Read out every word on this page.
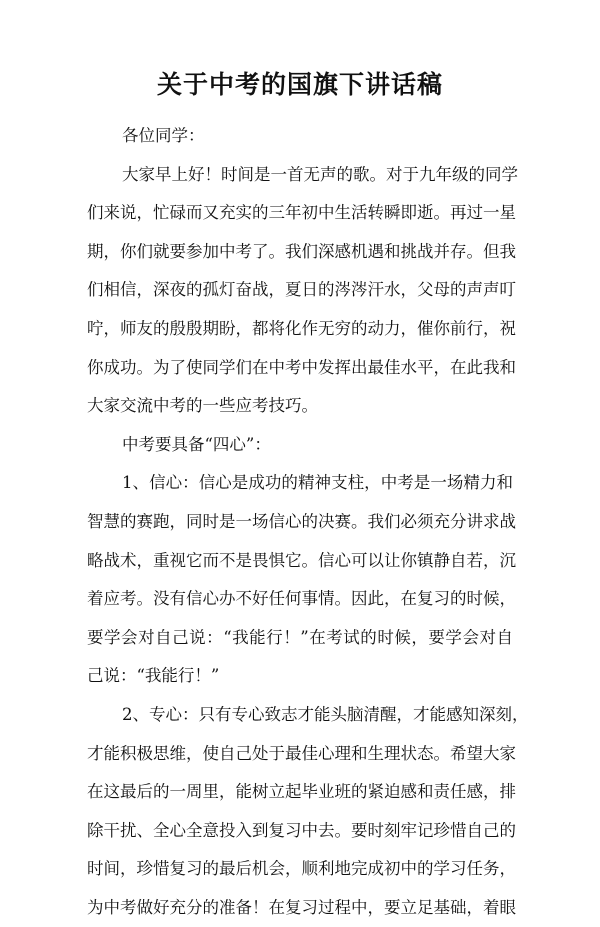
关于中考的国旗下讲话稿
各位同学：
大家早上好！时间是一首无声的歌。对于九年级的同学
们来说，忙碌而又充实的三年初中生活转瞬即逝。再过一星
期，你们就要参加中考了。我们深感机遇和挑战并存。但我
们相信，深夜的孤灯奋战，夏日的涔涔汗水，父母的声声叮
咛，师友的殷殷期盼，都将化作无穷的动力，催你前行，祝
你成功。为了使同学们在中考中发挥出最佳水平，在此我和
大家交流中考的一些应考技巧。
中考要具备“四心”：
1、信心：信心是成功的精神支柱，中考是一场精力和
智慧的赛跑，同时是一场信心的决赛。我们必须充分讲求战
略战术，重视它而不是畏惧它。信心可以让你镇静自若，沉
着应考。没有信心办不好任何事情。因此，在复习的时候，
要学会对自己说：“我能行！”在考试的时候，要学会对自
己说：“我能行！”
2、专心：只有专心致志才能头脑清醒，才能感知深刻，
才能积极思维，使自己处于最佳心理和生理状态。希望大家
在这最后的一周里，能树立起毕业班的紧迫感和责任感，排
除干扰、全心全意投入到复习中去。要时刻牢记珍惜自己的
时间，珍惜复习的最后机会，顺利地完成初中的学习任务，
为中考做好充分的准备！在复习过程中，要立足基础，着眼
